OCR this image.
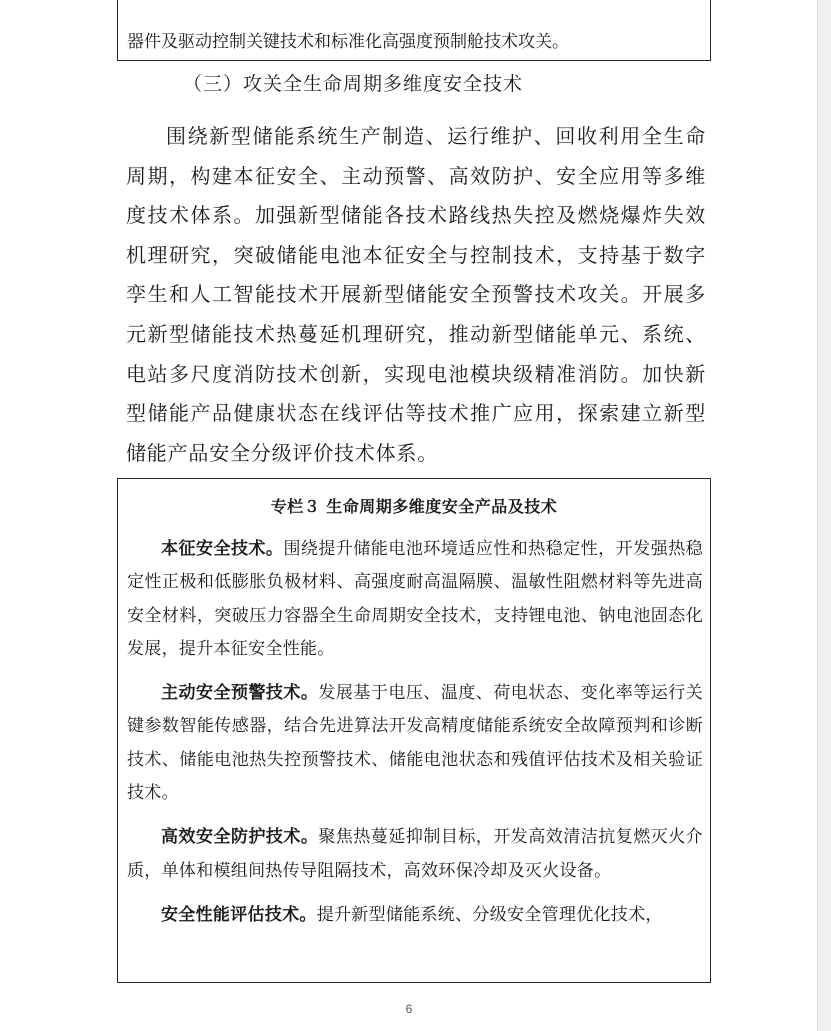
器件及驱动控制关键技术和标准化高强度预制舱技术攻关。
（三）攻关全生命周期多维度安全技术

围绕新型储能系统生产制造、运行维护、回收利用全生命周期，构建本征安全、主动预警、高效防护、安全应用等多维度技术体系。加强新型储能各技术路线热失控及燃烧爆炸失效机理研究，突破储能电池本征安全与控制技术，支持基于数字孪生和人工智能技术开展新型储能安全预警技术攻关。开展多元新型储能技术热蔓延机理研究，推动新型储能单元、系统、电站多尺度消防技术创新，实现电池模块级精准消防。加快新型储能产品健康状态在线评估等技术推广应用，探索建立新型储能产品安全分级评价技术体系。

专栏３ 生命周期多维度安全产品及技术

本征安全技术。围绕提升储能电池环境适应性和热稳定性，开发强热稳定性正极和低膨胀负极材料、高强度耐高温隔膜、温敏性阻燃材料等先进高安全材料，突破压力容器全生命周期安全技术，支持锂电池、钠电池固态化发展，提升本征安全性能。

主动安全预警技术。发展基于电压、温度、荷电状态、变化率等运行关键参数智能传感器，结合先进算法开发高精度储能系统安全故障预判和诊断技术、储能电池热失控预警技术、储能电池状态和残值评估技术及相关验证技术。

高效安全防护技术。聚焦热蔓延抑制目标，开发高效清洁抗复燃灭火介质，单体和模组间热传导阻隔技术，高效环保冷却及灭火设备。

安全性能评估技术。提升新型储能系统、分级安全管理优化技术，

6
